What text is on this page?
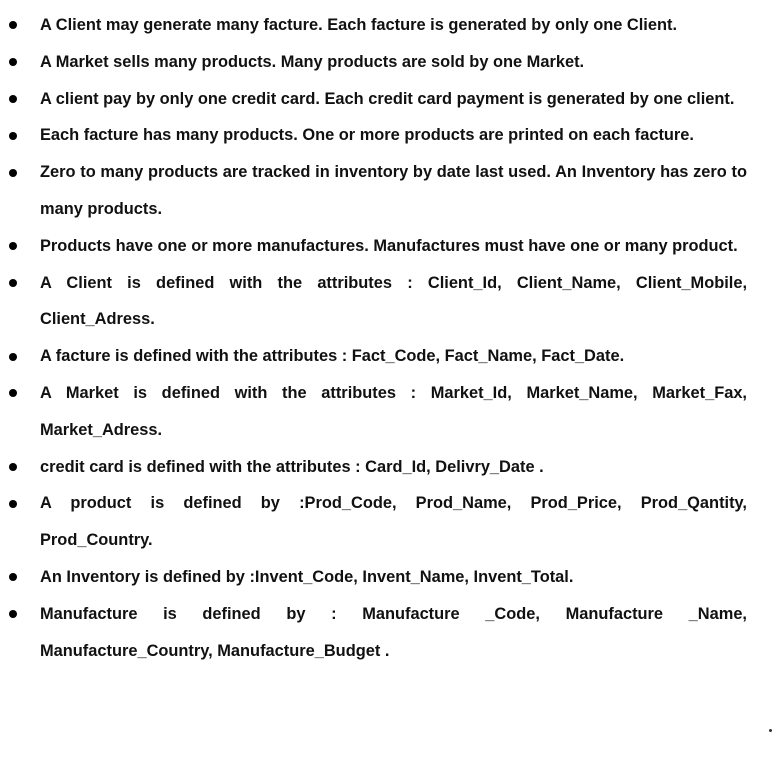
A Client may generate many facture. Each facture is generated by only one Client.
A Market sells many products. Many products are sold by one Market.
A client pay by only one credit card. Each credit card payment is generated by one client.
Each facture has many products. One or more products are printed on each facture.
Zero to many products are tracked in inventory by date last used. An Inventory has zero to many products.
Products have one or more manufactures. Manufactures must have one or many product.
A Client is defined with the attributes : Client_Id, Client_Name, Client_Mobile, Client_Adress.
A facture is defined with the attributes : Fact_Code, Fact_Name, Fact_Date.
A Market is defined with the attributes : Market_Id, Market_Name, Market_Fax, Market_Adress.
credit card is defined with the attributes : Card_Id, Delivry_Date .
A product is defined by :Prod_Code, Prod_Name, Prod_Price, Prod_Qantity, Prod_Country.
An Inventory is defined by :Invent_Code, Invent_Name, Invent_Total.
Manufacture is defined by : Manufacture _Code, Manufacture _Name, Manufacture_Country, Manufacture_Budget .
